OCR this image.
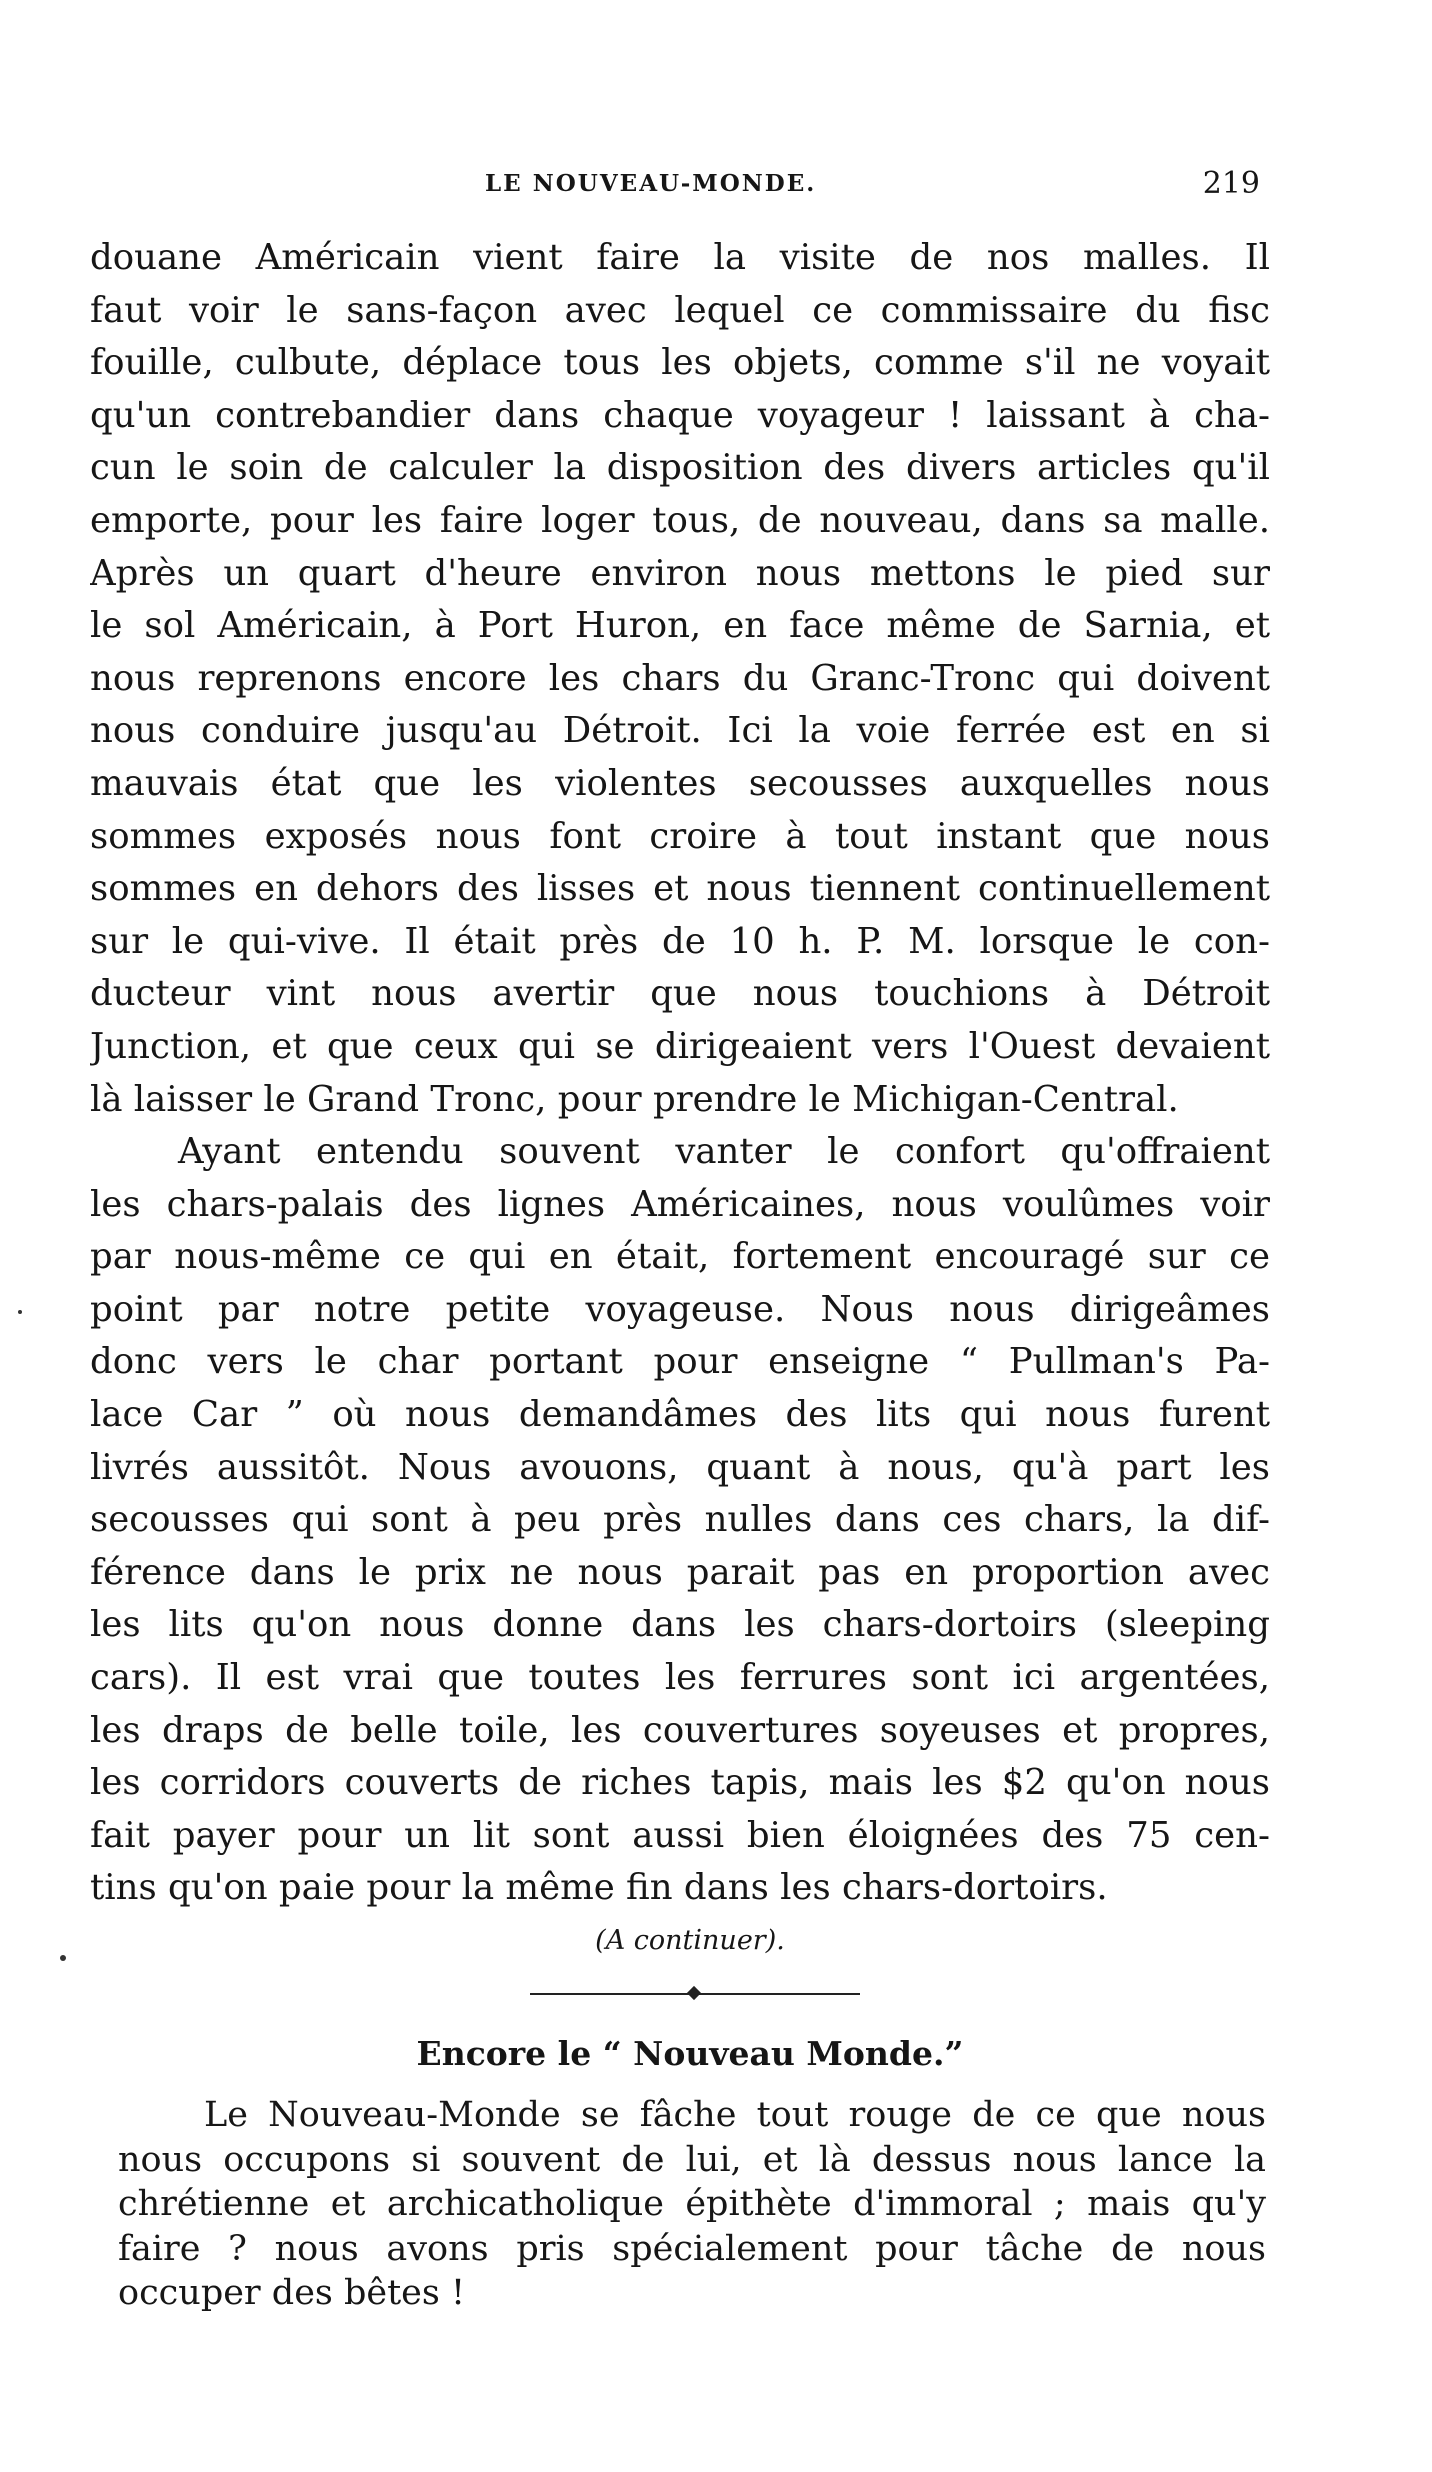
LE NOUVEAU-MONDE.	219
douane Américain vient faire la visite de nos malles. Il
faut voir le sans-façon avec lequel ce commissaire du fisc
fouille, culbute, déplace tous les objets, comme s'il ne voyait
qu'un contrebandier dans chaque voyageur ! laissant à cha-
cun le soin de calculer la disposition des divers articles qu'il
emporte, pour les faire loger tous, de nouveau, dans sa malle.
Après un quart d'heure environ nous mettons le pied sur
le sol Américain, à Port Huron, en face même de Sarnia, et
nous reprenons encore les chars du Granc-Tronc qui doivent
nous conduire jusqu'au Détroit. Ici la voie ferrée est en si
mauvais état que les violentes secousses auxquelles nous
sommes exposés nous font croire à tout instant que nous
sommes en dehors des lisses et nous tiennent continuellement
sur le qui-vive. Il était près de 10 h. P. M. lorsque le con-
ducteur vint nous avertir que nous touchions à Détroit
Junction, et que ceux qui se dirigeaient vers l'Ouest devaient
là laisser le Grand Tronc, pour prendre le Michigan-Central.
Ayant entendu souvent vanter le confort qu'offraient
les chars-palais des lignes Américaines, nous voulûmes voir
par nous-même ce qui en était, fortement encouragé sur ce
point par notre petite voyageuse. Nous nous dirigeâmes
donc vers le char portant pour enseigne “ Pullman's Pa-
lace Car ” où nous demandâmes des lits qui nous furent
livrés aussitôt. Nous avouons, quant à nous, qu'à part les
secousses qui sont à peu près nulles dans ces chars, la dif-
férence dans le prix ne nous parait pas en proportion avec
les lits qu'on nous donne dans les chars-dortoirs (sleeping
cars). Il est vrai que toutes les ferrures sont ici argentées,
les draps de belle toile, les couvertures soyeuses et propres,
les corridors couverts de riches tapis, mais les $2 qu'on nous
fait payer pour un lit sont aussi bien éloignées des 75 cen-
tins qu'on paie pour la même fin dans les chars-dortoirs.
(A continuer).
Encore le “ Nouveau Monde.”
Le Nouveau-Monde se fâche tout rouge de ce que nous
nous occupons si souvent de lui, et là dessus nous lance la
chrétienne et archicatholique épithète d'immoral ; mais qu'y
faire ? nous avons pris spécialement pour tâche de nous
occuper des bêtes !
